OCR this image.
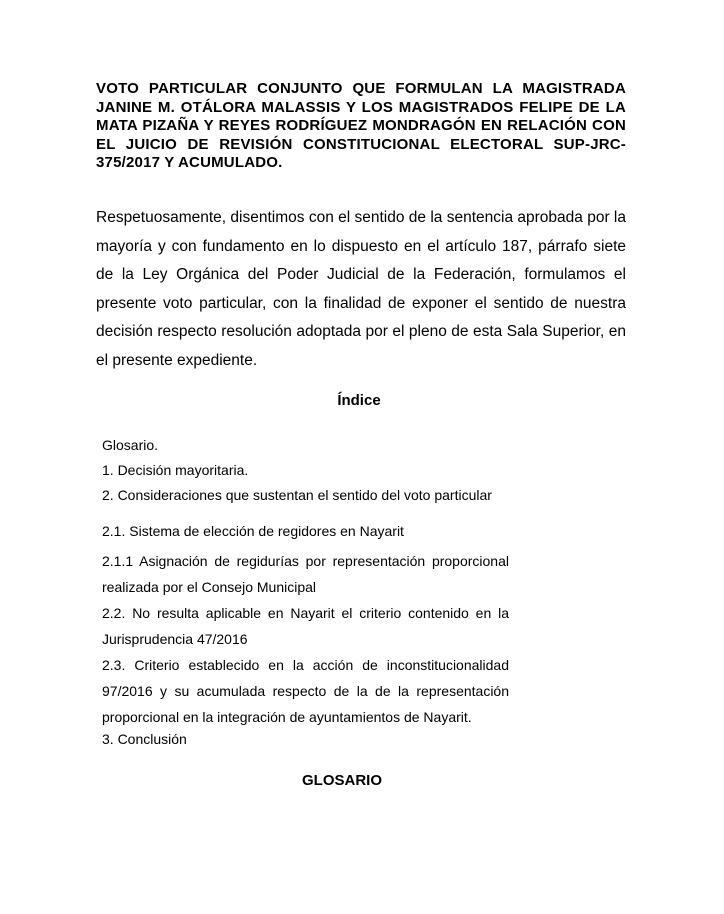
VOTO PARTICULAR CONJUNTO QUE FORMULAN LA MAGISTRADA JANINE M. OTÁLORA MALASSIS Y LOS MAGISTRADOS FELIPE DE LA MATA PIZAÑA Y REYES RODRÍGUEZ MONDRAGÓN EN RELACIÓN CON EL JUICIO DE REVISIÓN CONSTITUCIONAL ELECTORAL SUP-JRC-375/2017 Y ACUMULADO.

Respetuosamente, disentimos con el sentido de la sentencia aprobada por la mayoría y con fundamento en lo dispuesto en el artículo 187, párrafo siete de la Ley Orgánica del Poder Judicial de la Federación, formulamos el presente voto particular, con la finalidad de exponer el sentido de nuestra decisión respecto resolución adoptada por el pleno de esta Sala Superior, en el presente expediente.

Índice
Glosario.
1. Decisión mayoritaria.
2. Consideraciones que sustentan el sentido del voto particular
2.1. Sistema de elección de regidores en Nayarit
2.1.1 Asignación de regidurías por representación proporcional realizada por el Consejo Municipal
2.2. No resulta aplicable en Nayarit el criterio contenido en la Jurisprudencia 47/2016
2.3. Criterio establecido en la acción de inconstitucionalidad 97/2016 y su acumulada respecto de la de la representación proporcional en la integración de ayuntamientos de Nayarit.
3. Conclusión
GLOSARIO
